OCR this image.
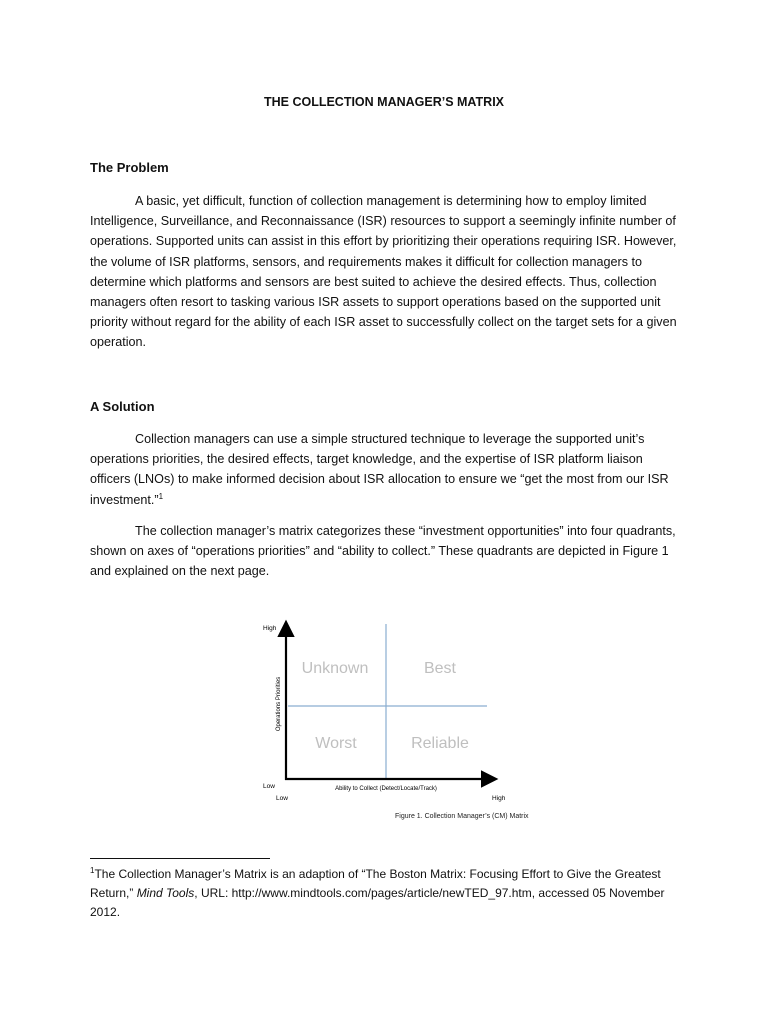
THE COLLECTION MANAGER’S MATRIX
The Problem

A basic, yet difficult, function of collection management is determining how to employ limited Intelligence, Surveillance, and Reconnaissance (ISR) resources to support a seemingly infinite number of operations. Supported units can assist in this effort by prioritizing their operations requiring ISR. However, the volume of ISR platforms, sensors, and requirements makes it difficult for collection managers to determine which platforms and sensors are best suited to achieve the desired effects. Thus, collection managers often resort to tasking various ISR assets to support operations based on the supported unit priority without regard for the ability of each ISR asset to successfully collect on the target sets for a given operation.

A Solution

Collection managers can use a simple structured technique to leverage the supported unit’s operations priorities, the desired effects, target knowledge, and the expertise of ISR platform liaison officers (LNOs) to make informed decision about ISR allocation to ensure we “get the most from our ISR investment.”$^1$

The collection manager’s matrix categorizes these “investment opportunities” into four quadrants, shown on axes of “operations priorities” and “ability to collect.” These quadrants are depicted in Figure 1 and explained on the next page.

Unknown	Best
Worst	Reliable
High
Low
Low	High
Ability to Collect (Detect/Locate/Track)
Operations Priorities
Figure 1. Collection Manager’s (CM) Matrix

$^1$The Collection Manager’s Matrix is an adaption of “The Boston Matrix: Focusing Effort to Give the Greatest Return,” Mind Tools, URL: http://www.mindtools.com/pages/article/newTED_97.htm, accessed 05 November 2012.
